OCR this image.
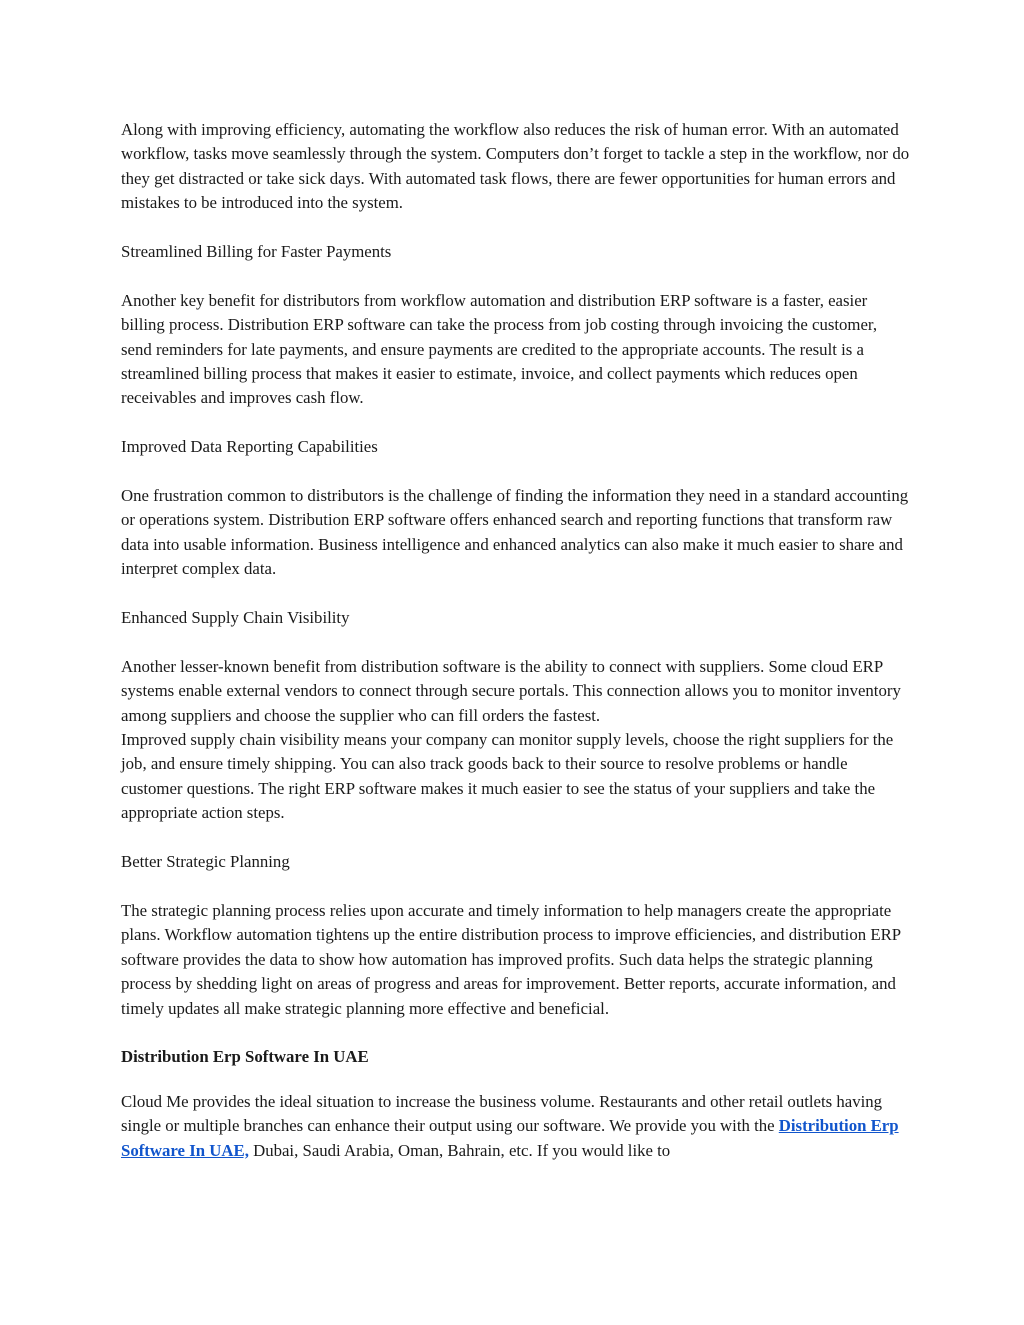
Along with improving efficiency, automating the workflow also reduces the risk of human error. With an automated workflow, tasks move seamlessly through the system. Computers don’t forget to tackle a step in the workflow, nor do they get distracted or take sick days. With automated task flows, there are fewer opportunities for human errors and mistakes to be introduced into the system.

Streamlined Billing for Faster Payments

Another key benefit for distributors from workflow automation and distribution ERP software is a faster, easier billing process. Distribution ERP software can take the process from job costing through invoicing the customer, send reminders for late payments, and ensure payments are credited to the appropriate accounts. The result is a streamlined billing process that makes it easier to estimate, invoice, and collect payments which reduces open receivables and improves cash flow.

Improved Data Reporting Capabilities

One frustration common to distributors is the challenge of finding the information they need in a standard accounting or operations system. Distribution ERP software offers enhanced search and reporting functions that transform raw data into usable information. Business intelligence and enhanced analytics can also make it much easier to share and interpret complex data.

Enhanced Supply Chain Visibility

Another lesser-known benefit from distribution software is the ability to connect with suppliers. Some cloud ERP systems enable external vendors to connect through secure portals. This connection allows you to monitor inventory among suppliers and choose the supplier who can fill orders the fastest.

Improved supply chain visibility means your company can monitor supply levels, choose the right suppliers for the job, and ensure timely shipping. You can also track goods back to their source to resolve problems or handle customer questions. The right ERP software makes it much easier to see the status of your suppliers and take the appropriate action steps.

Better Strategic Planning

The strategic planning process relies upon accurate and timely information to help managers create the appropriate plans. Workflow automation tightens up the entire distribution process to improve efficiencies, and distribution ERP software provides the data to show how automation has improved profits. Such data helps the strategic planning process by shedding light on areas of progress and areas for improvement. Better reports, accurate information, and timely updates all make strategic planning more effective and beneficial.

Distribution Erp Software In UAE

Cloud Me provides the ideal situation to increase the business volume. Restaurants and other retail outlets having single or multiple branches can enhance their output using our software. We provide you with the Distribution Erp Software In UAE, Dubai, Saudi Arabia, Oman, Bahrain, etc. If you would like to
